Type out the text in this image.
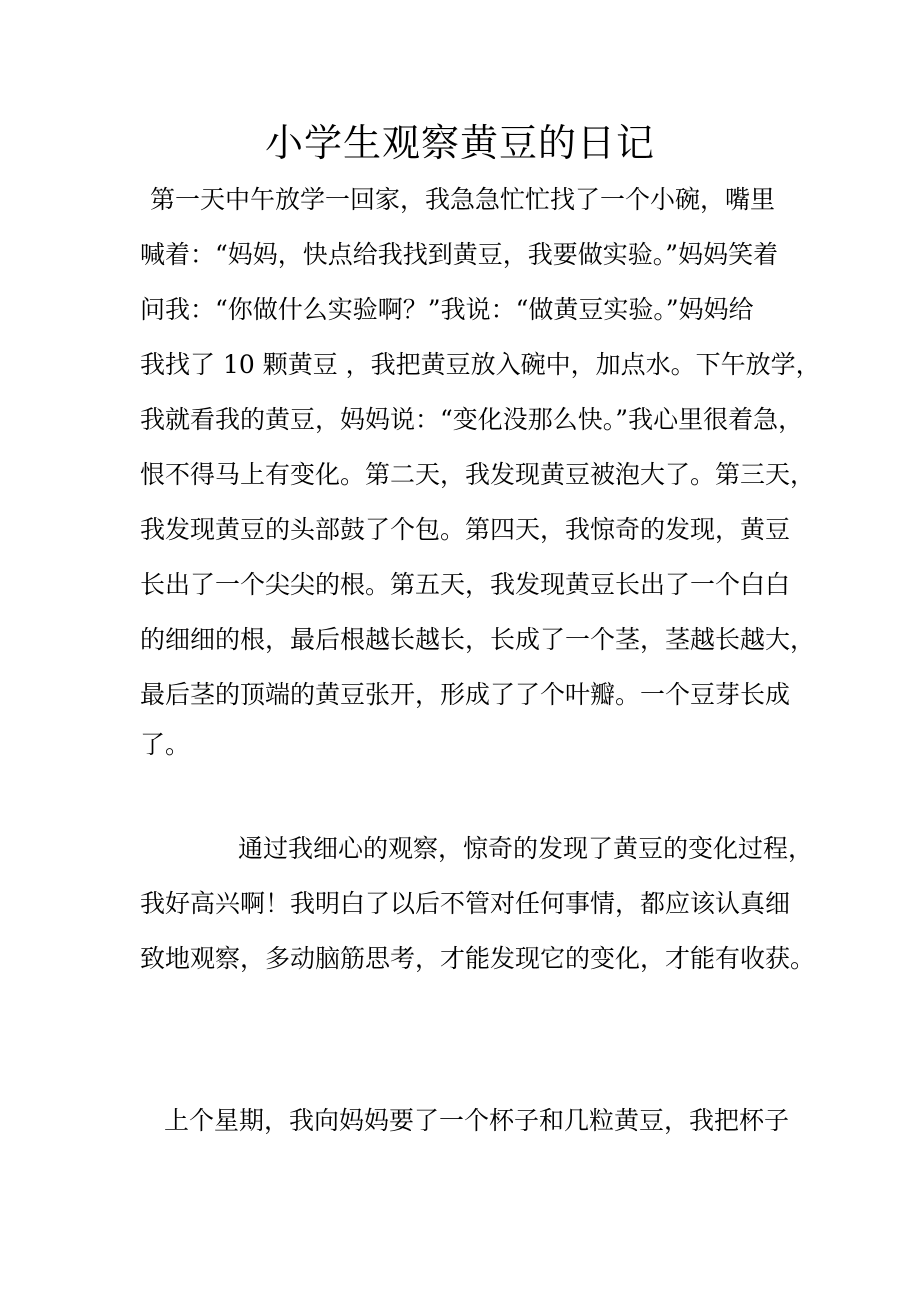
小学生观察黄豆的日记

第一天中午放学一回家，我急急忙忙找了一个小碗，嘴里

喊着：“妈妈，快点给我找到黄豆，我要做实验。”妈妈笑着

问我：“你做什么实验啊？”我说：“做黄豆实验。”妈妈给

我找了 10 颗黄豆 ，我把黄豆放入碗中，加点水。下午放学，

我就看我的黄豆，妈妈说：“变化没那么快。”我心里很着急，

恨不得马上有变化。第二天，我发现黄豆被泡大了。第三天，

我发现黄豆的头部鼓了个包。第四天，我惊奇的发现，黄豆

长出了一个尖尖的根。第五天，我发现黄豆长出了一个白白

的细细的根，最后根越长越长，长成了一个茎，茎越长越大，

最后茎的顶端的黄豆张开，形成了了个叶瓣。一个豆芽长成

了。

通过我细心的观察，惊奇的发现了黄豆的变化过程，

我好高兴啊！我明白了以后不管对任何事情，都应该认真细

致地观察，多动脑筋思考，才能发现它的变化，才能有收获。

上个星期，我向妈妈要了一个杯子和几粒黄豆，我把杯子
